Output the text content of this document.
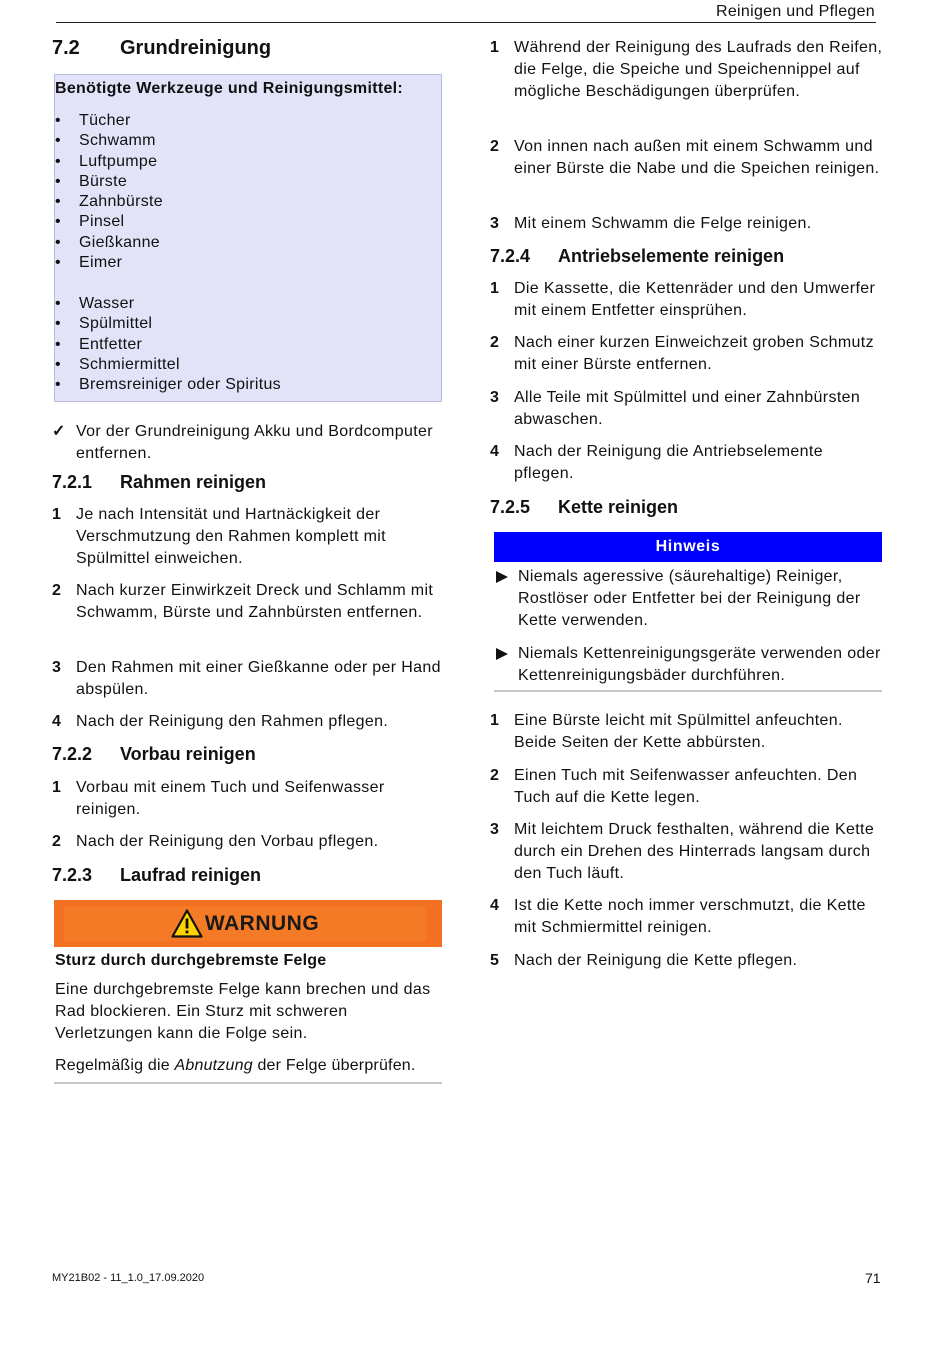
Reinigen und Pflegen
7.2 Grundreinigung
Benötigte Werkzeuge und Reinigungsmittel:
• Tücher
• Schwamm
• Luftpumpe
• Bürste
• Zahnbürste
• Pinsel
• Gießkanne
• Eimer
• Wasser
• Spülmittel
• Entfetter
• Schmiermittel
• Bremsreiniger oder Spiritus
✓ Vor der Grundreinigung Akku und Bordcomputer entfernen.
7.2.1 Rahmen reinigen
1 Je nach Intensität und Hartnäckigkeit der Verschmutzung den Rahmen komplett mit Spülmittel einweichen.
2 Nach kurzer Einwirkzeit Dreck und Schlamm mit Schwamm, Bürste und Zahnbürsten entfernen.
3 Den Rahmen mit einer Gießkanne oder per Hand abspülen.
4 Nach der Reinigung den Rahmen pflegen.
7.2.2 Vorbau reinigen
1 Vorbau mit einem Tuch und Seifenwasser reinigen.
2 Nach der Reinigung den Vorbau pflegen.
7.2.3 Laufrad reinigen
WARNUNG
Sturz durch durchgebremste Felge
Eine durchgebremste Felge kann brechen und das Rad blockieren. Ein Sturz mit schweren Verletzungen kann die Folge sein.
Regelmäßig die Abnutzung der Felge überprüfen.
1 Während der Reinigung des Laufrads den Reifen, die Felge, die Speiche und Speichennippel auf mögliche Beschädigungen überprüfen.
2 Von innen nach außen mit einem Schwamm und einer Bürste die Nabe und die Speichen reinigen.
3 Mit einem Schwamm die Felge reinigen.
7.2.4 Antriebselemente reinigen
1 Die Kassette, die Kettenräder und den Umwerfer mit einem Entfetter einsprühen.
2 Nach einer kurzen Einweichzeit groben Schmutz mit einer Bürste entfernen.
3 Alle Teile mit Spülmittel und einer Zahnbürsten abwaschen.
4 Nach der Reinigung die Antriebselemente pflegen.
7.2.5 Kette reinigen
Hinweis
Niemals ageressive (säurehaltige) Reiniger, Rostlöser oder Entfetter bei der Reinigung der Kette verwenden.
Niemals Kettenreinigungsgeräte verwenden oder Kettenreinigungsbäder durchführen.
1 Eine Bürste leicht mit Spülmittel anfeuchten. Beide Seiten der Kette abbürsten.
2 Einen Tuch mit Seifenwasser anfeuchten. Den Tuch auf die Kette legen.
3 Mit leichtem Druck festhalten, während die Kette durch ein Drehen des Hinterrads langsam durch den Tuch läuft.
4 Ist die Kette noch immer verschmutzt, die Kette mit Schmiermittel reinigen.
5 Nach der Reinigung die Kette pflegen.
MY21B02 - 11_1.0_17.09.2020	71
